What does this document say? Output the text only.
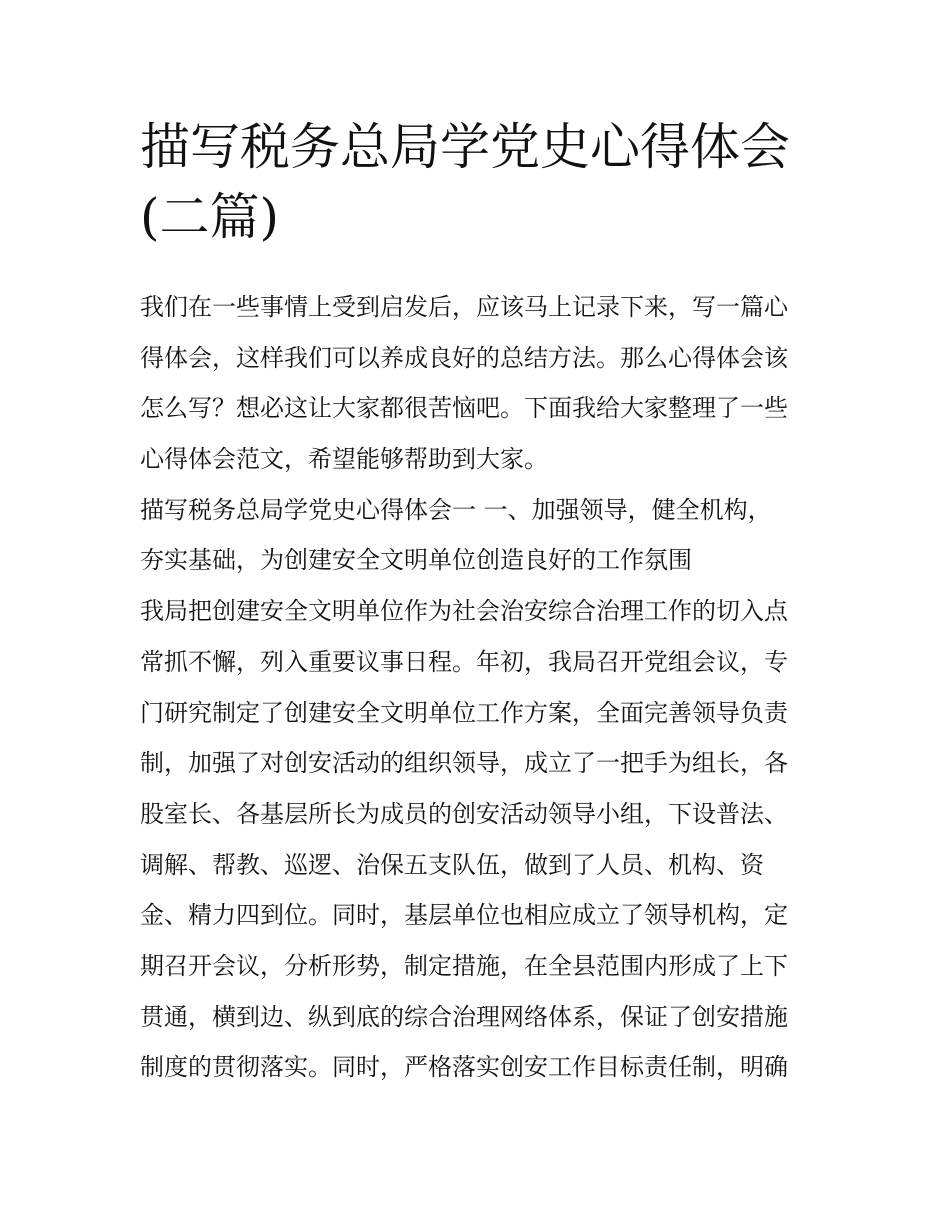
描写税务总局学党史心得体会
(二篇)
我们在一些事情上受到启发后，应该马上记录下来，写一篇心
得体会，这样我们可以养成良好的总结方法。那么心得体会该
怎么写？想必这让大家都很苦恼吧。下面我给大家整理了一些
心得体会范文，希望能够帮助到大家。
描写税务总局学党史心得体会一 一、加强领导，健全机构，
夯实基础，为创建安全文明单位创造良好的工作氛围
我局把创建安全文明单位作为社会治安综合治理工作的切入点
常抓不懈，列入重要议事日程。年初，我局召开党组会议，专
门研究制定了创建安全文明单位工作方案，全面完善领导负责
制，加强了对创安活动的组织领导，成立了一把手为组长，各
股室长、各基层所长为成员的创安活动领导小组，下设普法、
调解、帮教、巡逻、治保五支队伍，做到了人员、机构、资
金、精力四到位。同时，基层单位也相应成立了领导机构，定
期召开会议，分析形势，制定措施，在全县范围内形成了上下
贯通，横到边、纵到底的综合治理网络体系，保证了创安措施
制度的贯彻落实。同时，严格落实创安工作目标责任制，明确
